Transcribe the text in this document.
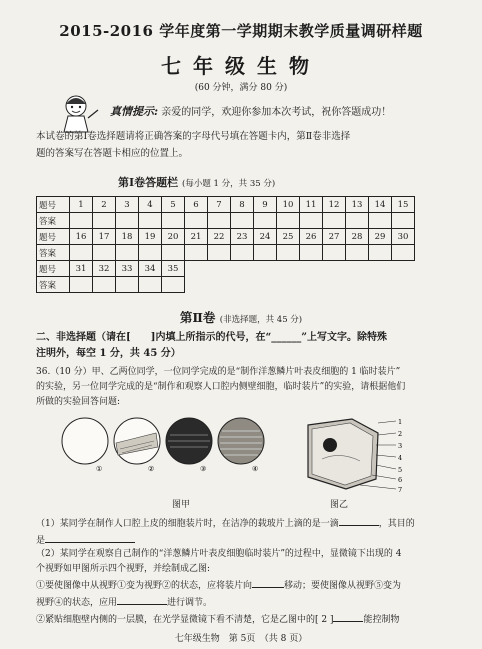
2015-2016 学年度第一学期期末教学质量调研样题
七年级生物
(60 分钟，满分 80 分)
真情提示: 亲爱的同学，欢迎你参加本次考试，祝你答题成功！
本试卷的第Ⅰ卷选择题请将正确答案的字母代号填在答题卡内，第Ⅱ卷非选择
题的答案写在答题卡相应的位置上。
第Ⅰ卷答题栏 (每小题 1 分，共 35 分)
题号	1	2	3	4	5	6	7	8	9	10	11	12	13	14	15
答案															
题号	16	17	18	19	20	21	22	23	24	25	26	27	28	29	30
答案															
题号	31	32	33	34	35										
答案															
第Ⅱ卷 (非选择题，共 45 分)
二、非选择题（请在[　　]内填上所指示的代号，在“______”上写文字。除特殊
注明外，每空 1 分，共 45 分）
36.（10 分）甲、乙两位同学，一位同学完成的是“制作洋葱鳞片叶表皮细胞的 1 临时装片”
的实验，另一位同学完成的是“制作和观察人口腔内侧壁细胞，临时装片”的实验，请根据他们
所做的实验回答问题:
①	②	③	④
1
2
3
4
5
6
7
图甲	图乙
（1）某同学在制作人口腔上皮的细胞装片时，在洁净的载玻片上滴的是一滴	，其目的
是
（2）某同学在观察自己制作的“洋葱鳞片叶表皮细胞临时装片”的过程中，显微镜下出现的 4
个视野如甲图所示四个视野，并绘制成乙图:
①要使图像中从视野①变为视野②的状态，应将装片向	移动；要使图像从视野⑤变为
视野④的状态，应用	进行调节。
②紧贴细胞壁内侧的一层膜，在光学显微镜下看不清楚，它是乙图中的[ 2 ]	能控制物
七年级生物　第 5页　（共 8 页）
